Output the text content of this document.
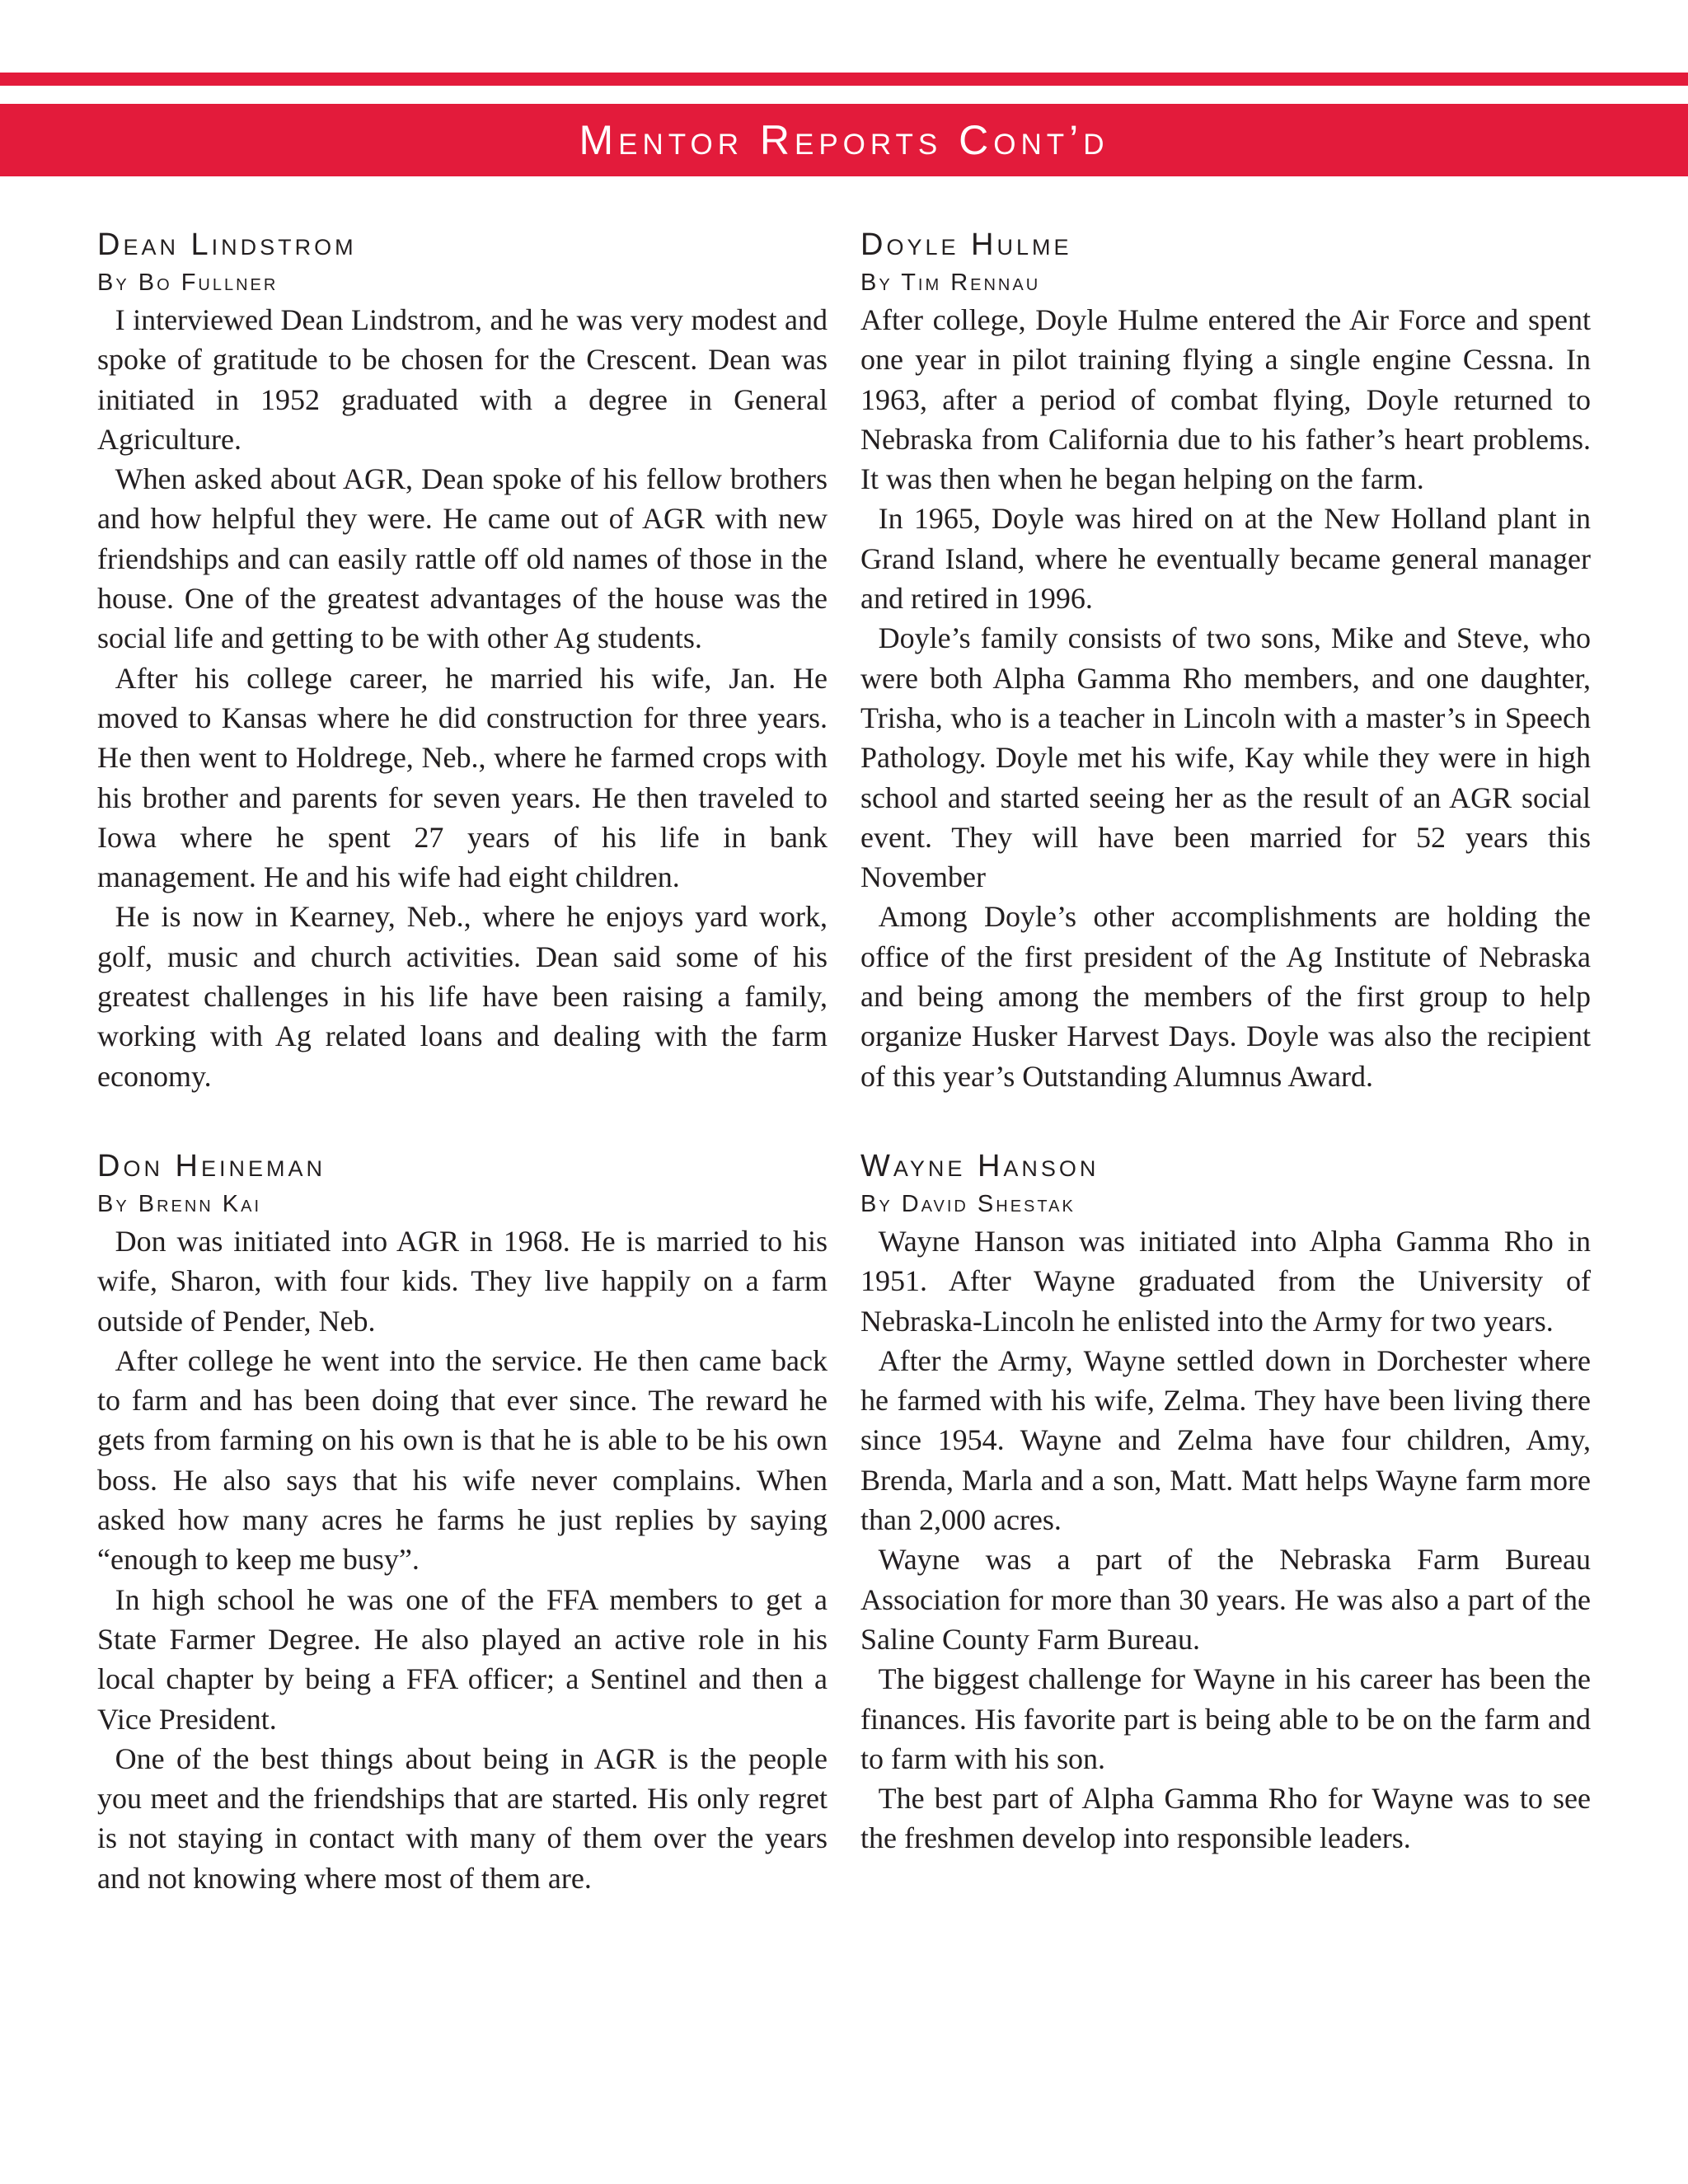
Mentor Reports Cont’d
Dean Lindstrom

By Bo Fullner

I interviewed Dean Lindstrom, and he was very modest and spoke of gratitude to be chosen for the Crescent. Dean was initiated in 1952 graduated with a degree in General Agriculture.

When asked about AGR, Dean spoke of his fellow brothers and how helpful they were. He came out of AGR with new friendships and can easily rattle off old names of those in the house. One of the greatest advantages of the house was the social life and getting to be with other Ag students.

After his college career, he married his wife, Jan. He moved to Kansas where he did construction for three years. He then went to Holdrege, Neb., where he farmed crops with his brother and parents for seven years. He then traveled to Iowa where he spent 27 years of his life in bank management. He and his wife had eight children.

He is now in Kearney, Neb., where he enjoys yard work, golf, music and church activities. Dean said some of his greatest challenges in his life have been raising a family, working with Ag related loans and dealing with the farm economy.

Don Heineman

By Brenn Kai

Don was initiated into AGR in 1968. He is married to his wife, Sharon, with four kids. They live happily on a farm outside of Pender, Neb.

After college he went into the service. He then came back to farm and has been doing that ever since. The reward he gets from farming on his own is that he is able to be his own boss. He also says that his wife never complains. When asked how many acres he farms he just replies by saying “enough to keep me busy”.

In high school he was one of the FFA members to get a State Farmer Degree. He also played an active role in his local chapter by being a FFA officer; a Sentinel and then a Vice President.

One of the best things about being in AGR is the people you meet and the friendships that are started. His only regret is not staying in contact with many of them over the years and not knowing where most of them are.

Doyle Hulme

By Tim Rennau

After college, Doyle Hulme entered the Air Force and spent one year in pilot training flying a single engine Cessna. In 1963, after a period of combat flying, Doyle returned to Nebraska from California due to his father’s heart problems. It was then when he began helping on the farm.

In 1965, Doyle was hired on at the New Holland plant in Grand Island, where he eventually became general manager and retired in 1996.

Doyle’s family consists of two sons, Mike and Steve, who were both Alpha Gamma Rho members, and one daughter, Trisha, who is a teacher in Lincoln with a master’s in Speech Pathology. Doyle met his wife, Kay while they were in high school and started seeing her as the result of an AGR social event. They will have been married for 52 years this November

Among Doyle’s other accomplishments are holding the office of the first president of the Ag Institute of Nebraska and being among the members of the first group to help organize Husker Harvest Days. Doyle was also the recipient of this year’s Outstanding Alumnus Award.

Wayne Hanson

By David Shestak

Wayne Hanson was initiated into Alpha Gamma Rho in 1951. After Wayne graduated from the University of Nebraska-Lincoln he enlisted into the Army for two years.

After the Army, Wayne settled down in Dorchester where he farmed with his wife, Zelma. They have been living there since 1954. Wayne and Zelma have four children, Amy, Brenda, Marla and a son, Matt. Matt helps Wayne farm more than 2,000 acres.

Wayne was a part of the Nebraska Farm Bureau Association for more than 30 years. He was also a part of the Saline County Farm Bureau.

The biggest challenge for Wayne in his career has been the finances. His favorite part is being able to be on the farm and to farm with his son.

The best part of Alpha Gamma Rho for Wayne was to see the freshmen develop into responsible leaders.
